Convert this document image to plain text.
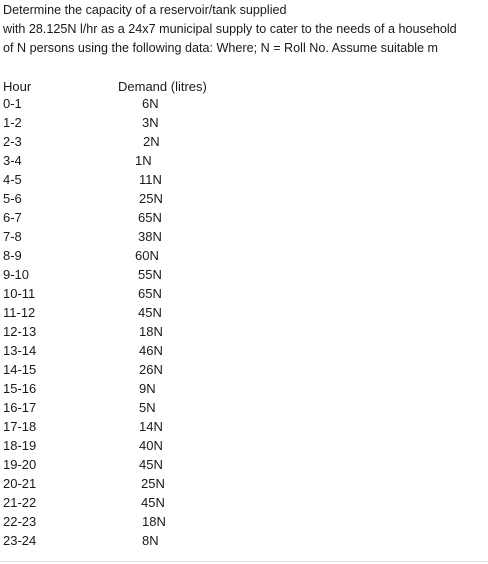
Determine the capacity of a reservoir/tank supplied
with 28.125N l/hr as a 24x7 municipal supply to cater to the needs of a household
of N persons using the following data: Where; N = Roll No. Assume suitable m
Hour	Demand (litres)
0-1	6N
1-2	3N
2-3	2N
3-4	1N
4-5	11N
5-6	25N
6-7	65N
7-8	38N
8-9	60N
9-10	55N
10-11	65N
11-12	45N
12-13	18N
13-14	46N
14-15	26N
15-16	9N
16-17	5N
17-18	14N
18-19	40N
19-20	45N
20-21	25N
21-22	45N
22-23	18N
23-24	8N
